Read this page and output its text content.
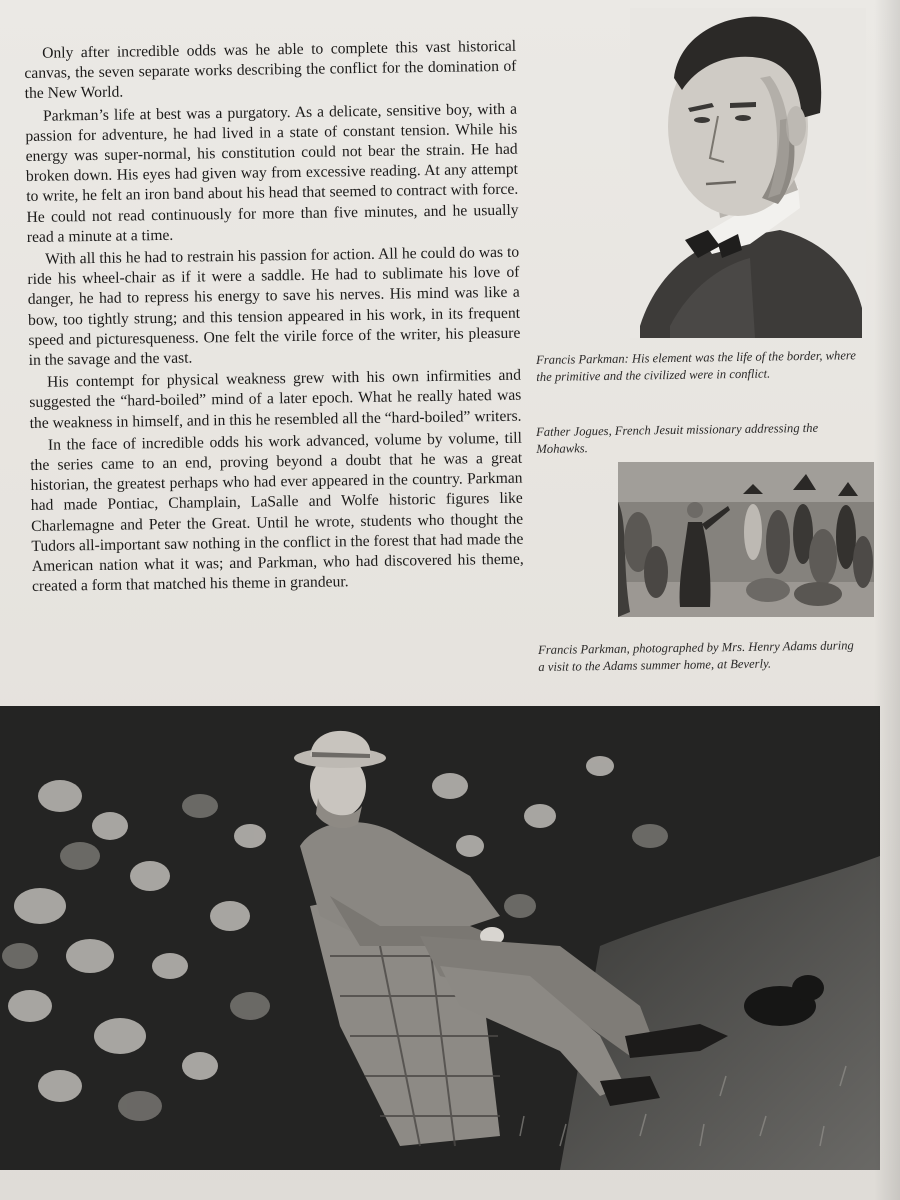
Only after incredible odds was he able to complete this vast historical canvas, the seven separate works describing the conflict for the domination of the New World.

Parkman’s life at best was a purgatory. As a delicate, sensitive boy, with a passion for adventure, he had lived in a state of constant tension. While his energy was super-normal, his constitution could not bear the strain. He had broken down. His eyes had given way from excessive reading. At any attempt to write, he felt an iron band about his head that seemed to contract with force. He could not read continuously for more than five minutes, and he usually read a minute at a time.

With all this he had to restrain his passion for action. All he could do was to ride his wheel-chair as if it were a saddle. He had to sublimate his love of danger, he had to repress his energy to save his nerves. His mind was like a bow, too tightly strung; and this tension appeared in his work, in its frequent speed and picturesqueness. One felt the virile force of the writer, his pleasure in the savage and the vast.

His contempt for physical weakness grew with his own infirmities and suggested the “hard-boiled” mind of a later epoch. What he really hated was the weakness in himself, and in this he resembled all the “hard-boiled” writers.

In the face of incredible odds his work advanced, volume by volume, till the series came to an end, proving beyond a doubt that he was a great historian, the greatest perhaps who had ever appeared in the country. Parkman had made Pontiac, Champlain, LaSalle and Wolfe historic figures like Charlemagne and Peter the Great. Until he wrote, students who thought the Tudors all-important saw nothing in the conflict in the forest that had made the American nation what it was; and Parkman, who had discovered his theme, created a form that matched his theme in grandeur.

Francis Parkman: His element was the life of the border, where the primitive and the civilized were in conflict.
Father Jogues, French Jesuit missionary addressing the Mohawks.
Francis Parkman, photographed by Mrs. Henry Adams during a visit to the Adams summer home, at Beverly.
